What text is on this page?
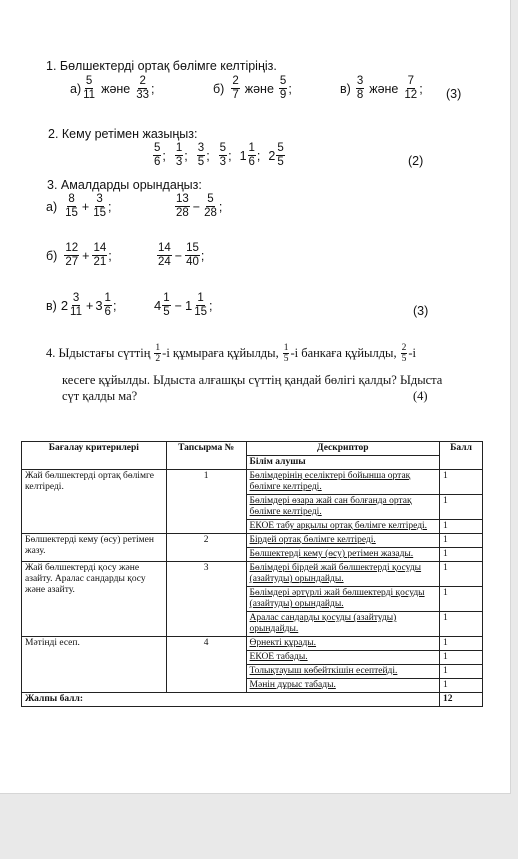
1. Бөлшектерді ортақ бөлімге келтіріңіз.
а)
5
11 және
2
33 ;	б)
2
7 және
5
9 ;	в)
3
8 және
7
12 ; (3)
2. Кему ретімен жазыңыз:
5
6 ;
1
3 ;
3
5 ;
5
3 ; 1
1
6 ; 2
5
5	(2)
3. Амалдарды орындаңыз:
а)
8
$15 + \frac{3}{15}$ ;
13
$28 - \frac{5}{28}$ ;
б)
12
$27 + \frac{14}{21}$ ;
14
$24 - \frac{15}{40}$ ;
в) 2 3
11 + 3 1
6 ;	4 1
5 − 1 1
15 ;	(3)
4. Ыдыстағы сүттің 1
2 -і құмыраға құйылды, 1
5 -і банкаға құйылды, 2
5 -і
кесеге құйылды. Ыдыста алғашқы сүттің қандай бөлігі қалды? Ыдыста
сүт қалды ма?	(4)
Бағалау критерилері	Тапсырма №	Дескриптор	Балл
		Білім алушы	
Жай бөлшектерді ортақ бөлімге келтіреді.	1	Бөлімдерінің еселіктері бойынша ортақ бөлімге келтіреді.	1
		Бөлімдері өзара жай сан болғанда ортақ бөлімге келтіреді.	1
		ЕКОЕ табу арқылы ортақ бөлімге келтіреді.	1
Бөлшектерді кему (өсу) ретімен жазу.	2	Бірдей ортақ бөлімге келтіреді.	1
		Бөлшектерді кему (өсу) ретімен жазады.	1
Жай бөлшектерді қосу және азайту. Аралас сандарды қосу және азайту.	3	Бөлімдері бірдей жай бөлшектерді қосуды (азайтуды) орындайды.	1
		Бөлімдері әртүрлі жай бөлшектерді қосуды (азайтуды) орындайды.	1
		Аралас сандарды қосуды (азайтуды) орындайды.	1
Мәтінді есеп.	4	Өрнекті құрады.	1
		ЕКОЕ табады.	1
		Толықтауыш көбейткішін есептейді.	1
		Мәнін дұрыс табады.	1
Жалпы балл:			12
